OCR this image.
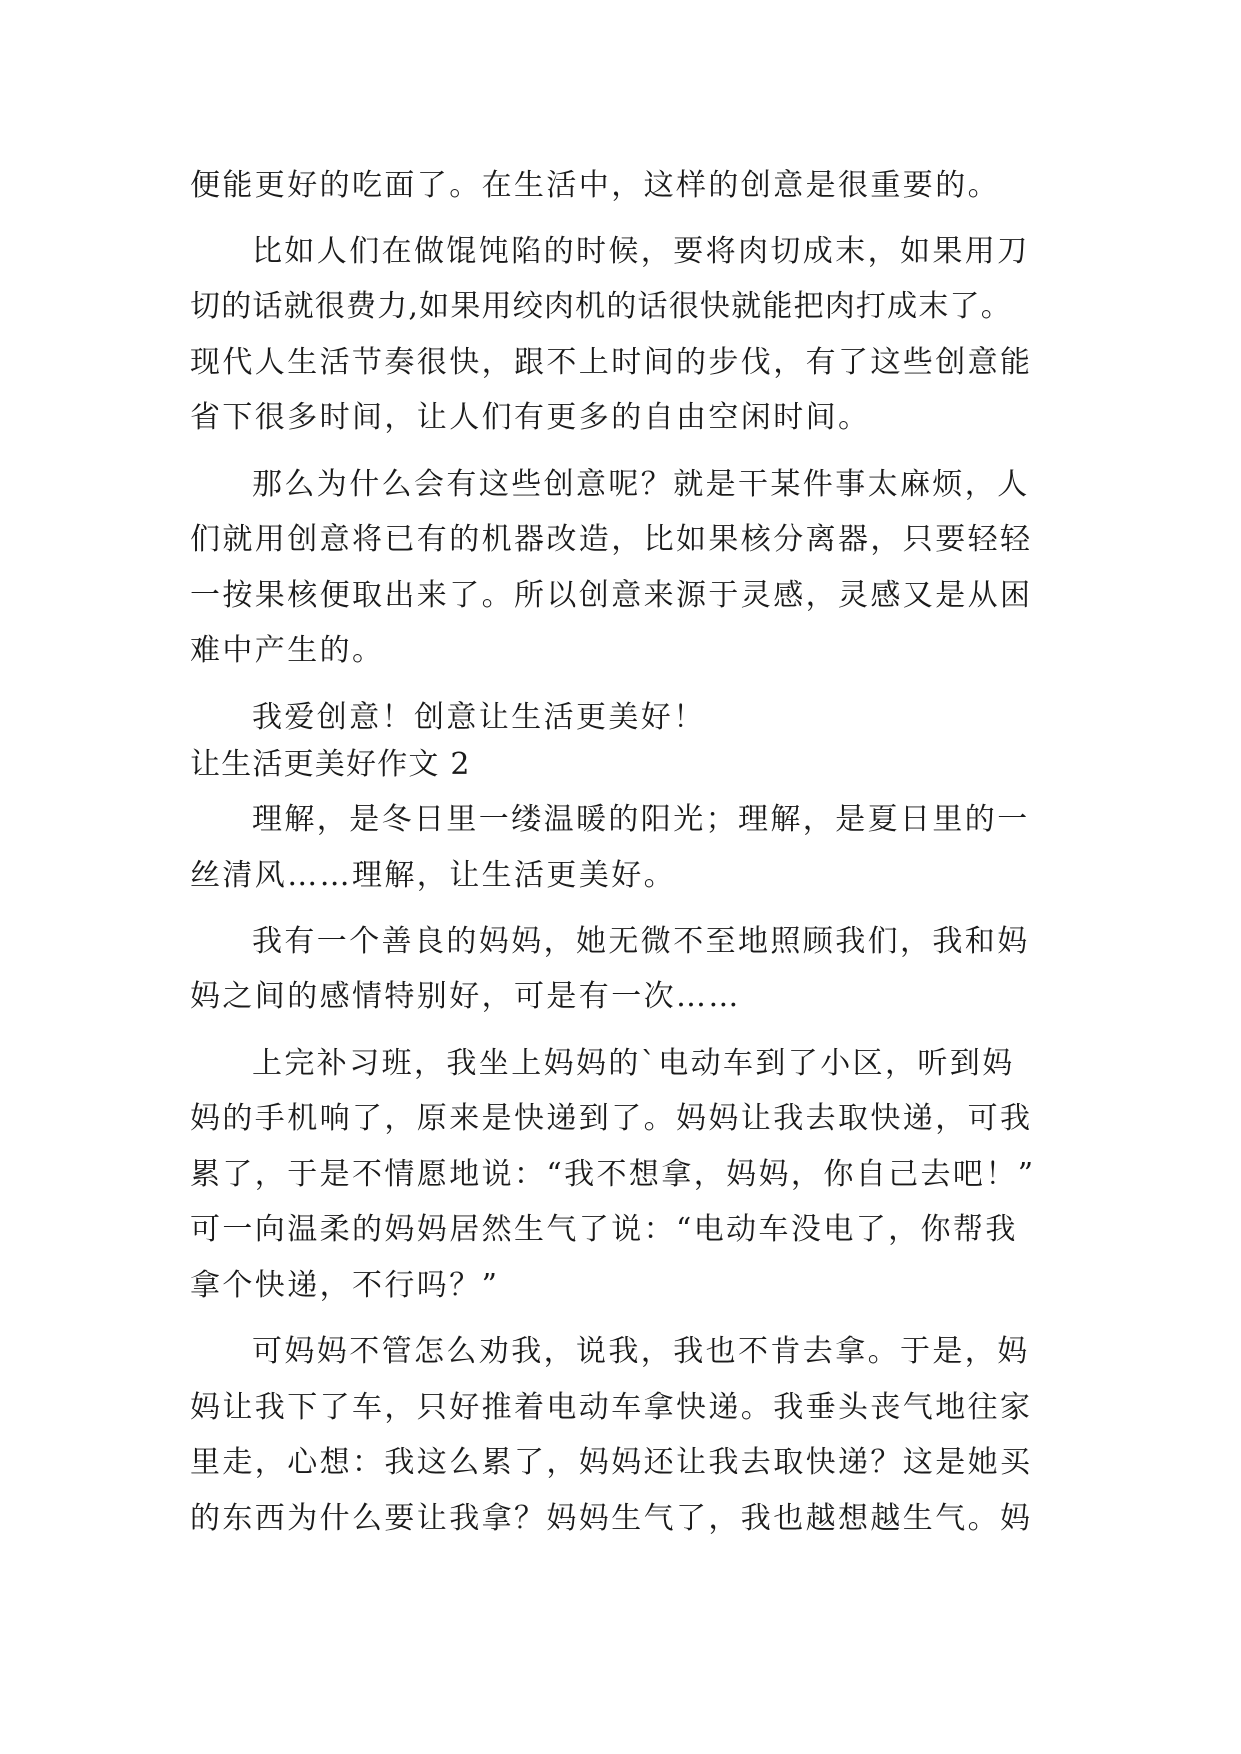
便能更好的吃面了。在生活中，这样的创意是很重要的。
比如人们在做馄饨陷的时候，要将肉切成末，如果用刀
切的话就很费力,如果用绞肉机的话很快就能把肉打成末了。
现代人生活节奏很快，跟不上时间的步伐，有了这些创意能
省下很多时间，让人们有更多的自由空闲时间。
那么为什么会有这些创意呢？就是干某件事太麻烦，人
们就用创意将已有的机器改造，比如果核分离器，只要轻轻
一按果核便取出来了。所以创意来源于灵感，灵感又是从困
难中产生的。
我爱创意！创意让生活更美好！
让生活更美好作文 2
理解，是冬日里一缕温暖的阳光；理解，是夏日里的一
丝清风……理解，让生活更美好。
我有一个善良的妈妈，她无微不至地照顾我们，我和妈
妈之间的感情特别好，可是有一次……
上完补习班，我坐上妈妈的`电动车到了小区，听到妈
妈的手机响了，原来是快递到了。妈妈让我去取快递，可我
累了，于是不情愿地说：“我不想拿，妈妈，你自己去吧！”
可一向温柔的妈妈居然生气了说：“电动车没电了，你帮我
拿个快递，不行吗？”
可妈妈不管怎么劝我，说我，我也不肯去拿。于是，妈
妈让我下了车，只好推着电动车拿快递。我垂头丧气地往家
里走，心想：我这么累了，妈妈还让我去取快递？这是她买
的东西为什么要让我拿？妈妈生气了，我也越想越生气。妈
